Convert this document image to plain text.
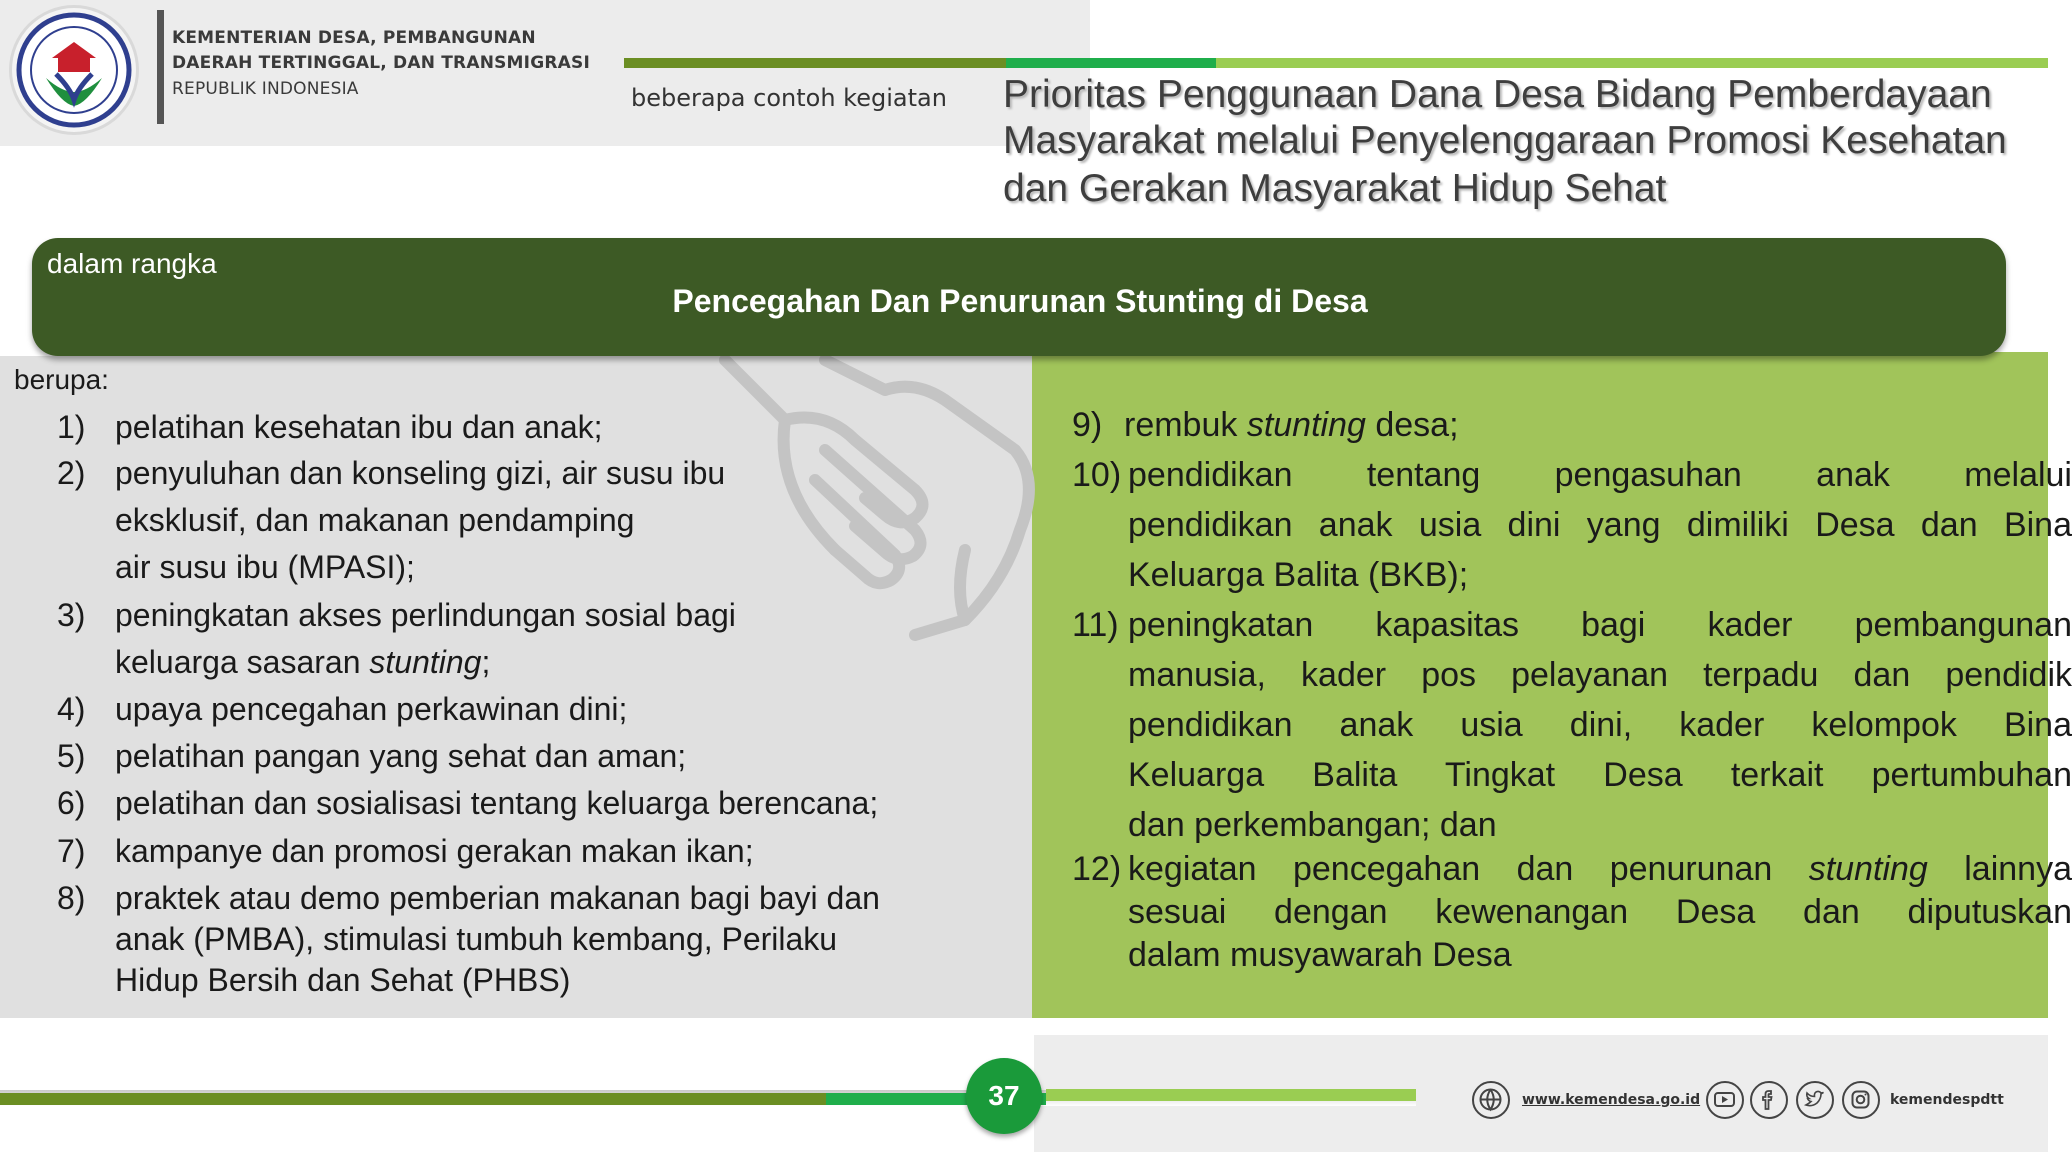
KEMENTERIAN DESA, PEMBANGUNAN
DAERAH TERTINGGAL, DAN TRANSMIGRASI
REPUBLIK INDONESIA	beberapa contoh kegiatan Prioritas Penggunaan Dana Desa Bidang Pemberdayaan
Masyarakat melalui Penyelenggaraan Promosi Kesehatan
dan Gerakan Masyarakat Hidup Sehat
dalam rangka
Pencegahan Dan Penurunan Stunting di Desa
berupa:
1) pelatihan kesehatan ibu dan anak;
2) penyuluhan dan konseling gizi, air susu ibu
eksklusif, dan makanan pendamping
air susu ibu (MPASI);
3) peningkatan akses perlindungan sosial bagi
keluarga sasaran stunting;
4) upaya pencegahan perkawinan dini;
5) pelatihan pangan yang sehat dan aman;
6) pelatihan dan sosialisasi tentang keluarga berencana;
7) kampanye dan promosi gerakan makan ikan;
8) praktek atau demo pemberian makanan bagi bayi dan
anak (PMBA), stimulasi tumbuh kembang, Perilaku
Hidup Bersih dan Sehat (PHBS)
9) rembuk stunting desa;
10) pendidikan tentang pengasuhan anak melalui
pendidikan anak usia dini yang dimiliki Desa dan Bina
Keluarga Balita (BKB);
11) peningkatan kapasitas bagi kader pembangunan
manusia, kader pos pelayanan terpadu dan pendidik
pendidikan anak usia dini, kader kelompok Bina
Keluarga Balita Tingkat Desa terkait pertumbuhan
dan perkembangan; dan
12) kegiatan pencegahan dan penurunan stunting lainnya
sesuai dengan kewenangan Desa dan diputuskan
dalam musyawarah Desa
37	www.kemendesa.go.id	kemendespdtt
